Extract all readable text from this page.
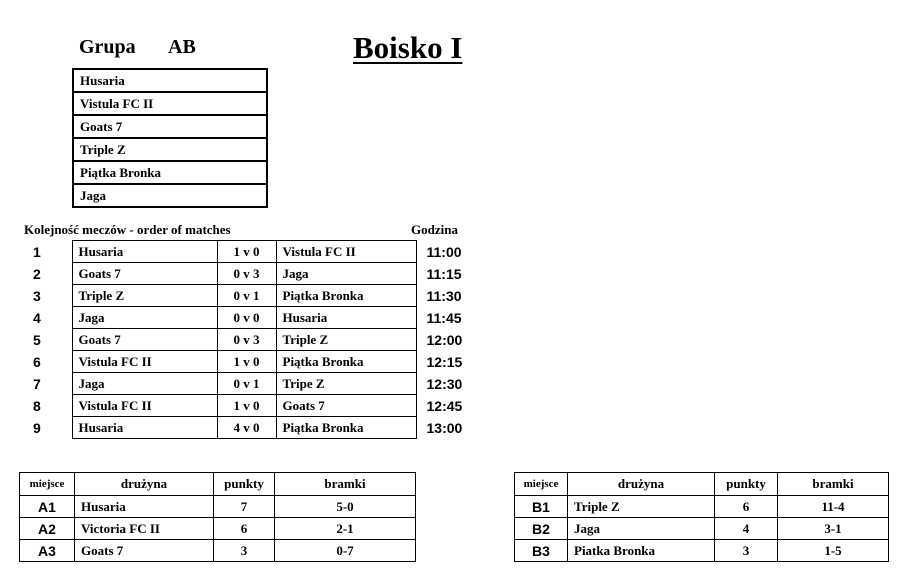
Grupa AB	Boisko I
Husaria
Vistula FC II
Goats 7
Triple Z
Piątka Bronka
Jaga
Kolejność meczów - order of matches	Godzina
1	Husaria	1 v 0	Vistula FC II	11:00
2	Goats 7	0 v 3	Jaga	11:15
3	Triple Z	0 v 1	Piątka Bronka	11:30
4	Jaga	0 v 0	Husaria	11:45
5	Goats 7	0 v 3	Triple Z	12:00
6	Vistula FC II	1 v 0	Piątka Bronka	12:15
7	Jaga	0 v 1	Tripe Z	12:30
8	Vistula FC II	1 v 0	Goats 7	12:45
9	Husaria	4 v 0	Piątka Bronka	13:00
miejsce	drużyna	punkty	bramki
A1	Husaria	7	5-0
A2	Victoria FC II	6	2-1
A3	Goats 7	3	0-7
miejsce	drużyna	punkty	bramki
B1	Triple Z	6	11-4
B2	Jaga	4	3-1
B3	Piatka Bronka	3	1-5
